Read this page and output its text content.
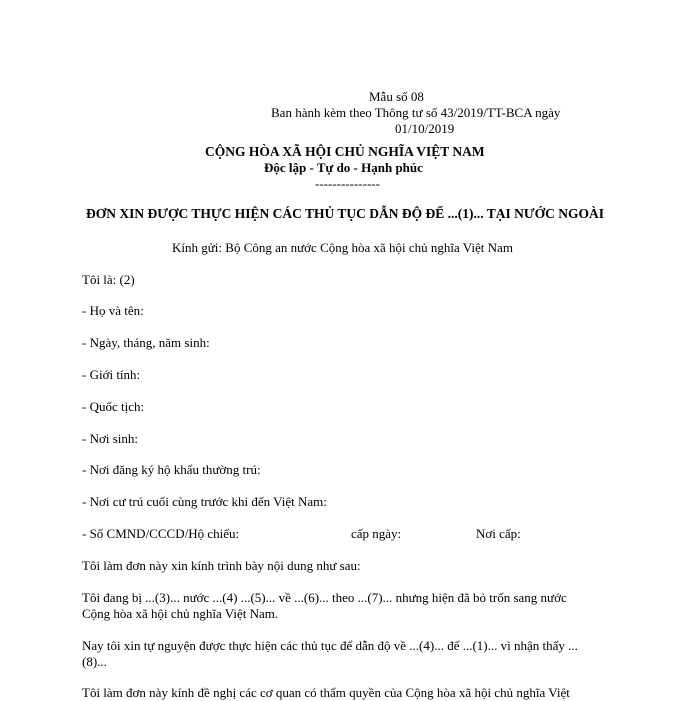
Mẫu số 08
Ban hành kèm theo Thông tư số 43/2019/TT-BCA ngày
01/10/2019
CỘNG HÒA XÃ HỘI CHỦ NGHĨA VIỆT NAM
Độc lập - Tự do - Hạnh phúc
---------------
ĐƠN XIN ĐƯỢC THỰC HIỆN CÁC THỦ TỤC DẪN ĐỘ ĐẾ ...(1)... TẠI NƯỚC NGOÀI
Kính gửi: Bộ Công an nước Cộng hòa xã hội chủ nghĩa Việt Nam
Tôi là: (2)
- Họ và tên:
- Ngày, tháng, năm sinh:
- Giới tính:
- Quốc tịch:
- Nơi sinh:
- Nơi đăng ký hộ khẩu thường trú:
- Nơi cư trú cuối cùng trước khi đến Việt Nam:
- Số CMND/CCCD/Hộ chiếu:	cấp ngày:	Nơi cấp:
Tôi làm đơn này xin kính trình bày nội dung như sau:
Tôi đang bị ...(3)... nước ...(4) ...(5)... về ...(6)... theo ...(7)... nhưng hiện đã bỏ trốn sang nước
Cộng hòa xã hội chủ nghĩa Việt Nam.
Nay tôi xin tự nguyện được thực hiện các thủ tục để dẫn độ về ...(4)... để ...(1)... vì nhận thấy ...
(8)...
Tôi làm đơn này kính đề nghị các cơ quan có thẩm quyền của Cộng hòa xã hội chủ nghĩa Việt
